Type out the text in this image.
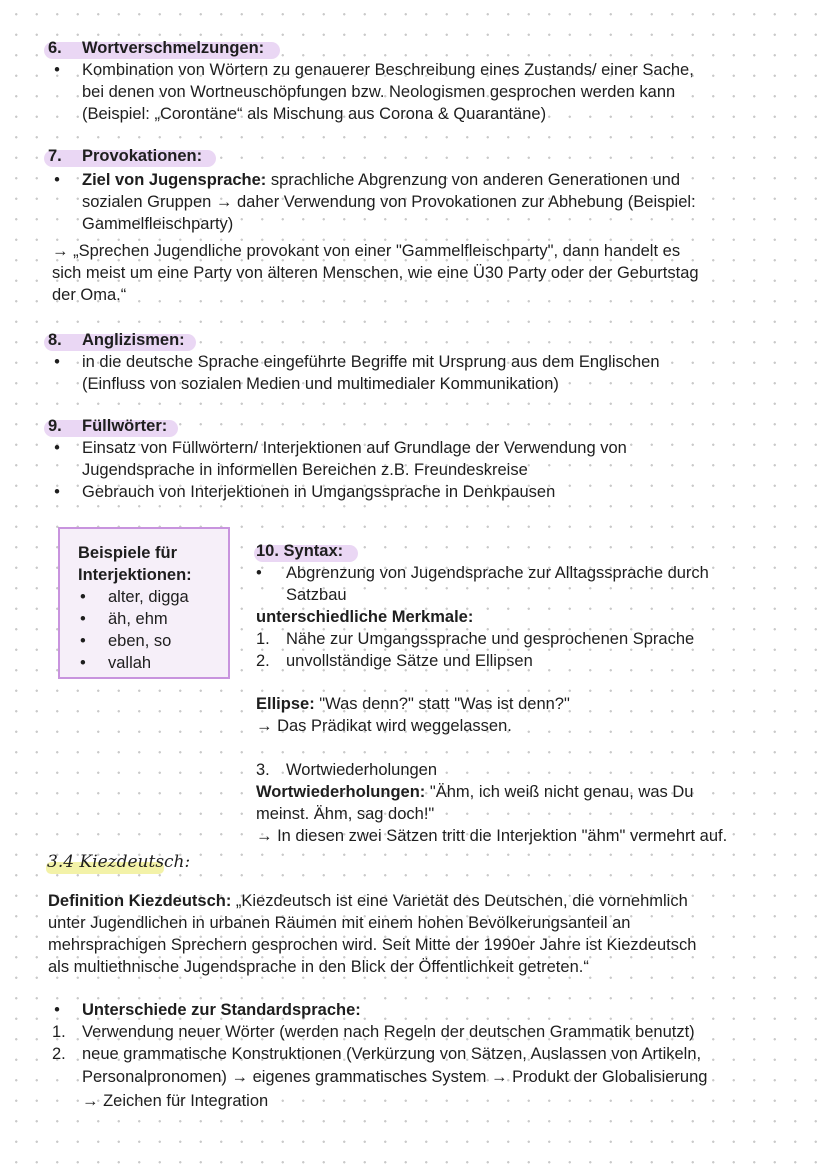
6. Wortverschmelzungen:
• Kombination von Wörtern zu genauerer Beschreibung eines Zustands/ einer Sache,
bei denen von Wortneuschöpfungen bzw. Neologismen gesprochen werden kann
(Beispiel: „Corontäne“ als Mischung aus Corona & Quarantäne)
7. Provokationen:
• Ziel von Jugensprache: sprachliche Abgrenzung von anderen Generationen und
sozialen Gruppen → daher Verwendung von Provokationen zur Abhebung (Beispiel:
Gammelfleischparty)
→ „Sprechen Jugendliche provokant von einer "Gammelfleischparty", dann handelt es
sich meist um eine Party von älteren Menschen, wie eine Ü30 Party oder der Geburtstag
der Oma.“
8. Anglizismen:
• in die deutsche Sprache eingeführte Begriffe mit Ursprung aus dem Englischen
(Einfluss von sozialen Medien und multimedialer Kommunikation)
9. Füllwörter:
• Einsatz von Füllwörtern/ Interjektionen auf Grundlage der Verwendung von
Jugendsprache in informellen Bereichen z.B. Freundeskreise
• Gebrauch von Interjektionen in Umgangssprache in Denkpausen
Beispiele für
Interjektionen:
• alter, digga
• äh, ehm
• eben, so
• vallah
10. Syntax:
• Abgrenzung von Jugendsprache zur Alltagssprache durch
Satzbau
unterschiedliche Merkmale:
1. Nähe zur Umgangssprache und gesprochenen Sprache
2. unvollständige Sätze und Ellipsen
Ellipse: "Was denn?" statt "Was ist denn?"
→ Das Prädikat wird weggelassen.
3. Wortwiederholungen
Wortwiederholungen: "Ähm, ich weiß nicht genau, was Du
meinst. Ähm, sag doch!"
→ In diesen zwei Sätzen tritt die Interjektion "ähm" vermehrt auf.
3.4 Kiezdeutsch:
Definition Kiezdeutsch: „Kiezdeutsch ist eine Varietät des Deutschen, die vornehmlich
unter Jugendlichen in urbanen Räumen mit einem hohen Bevölkerungsanteil an
mehrsprachigen Sprechern gesprochen wird. Seit Mitte der 1990er Jahre ist Kiezdeutsch
als multiethnische Jugendsprache in den Blick der Öffentlichkeit getreten.“
• Unterschiede zur Standardsprache:
1. Verwendung neuer Wörter (werden nach Regeln der deutschen Grammatik benutzt)
2. neue grammatische Konstruktionen (Verkürzung von Sätzen, Auslassen von Artikeln,
Personalpronomen) → eigenes grammatisches System → Produkt der Globalisierung
→ Zeichen für Integration
